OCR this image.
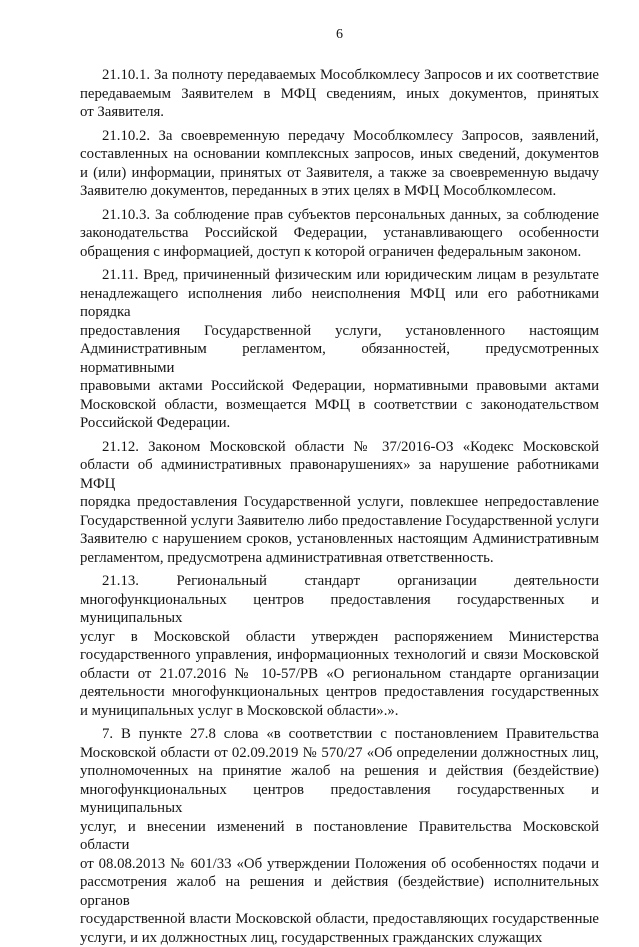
6
21.10.1. За полноту передаваемых Мособлкомлесу Запросов и их соответствие
передаваемым Заявителем в МФЦ сведениям, иных документов, принятых
от Заявителя.
21.10.2. За своевременную передачу Мособлкомлесу Запросов, заявлений,
составленных на основании комплексных запросов, иных сведений, документов
и (или) информации, принятых от Заявителя, а также за своевременную выдачу
Заявителю документов, переданных в этих целях в МФЦ Мособлкомлесом.
21.10.3. За соблюдение прав субъектов персональных данных, за соблюдение
законодательства Российской Федерации, устанавливающего особенности
обращения с информацией, доступ к которой ограничен федеральным законом.
21.11. Вред, причиненный физическим или юридическим лицам в результате
ненадлежащего исполнения либо неисполнения МФЦ или его работниками порядка
предоставления Государственной услуги, установленного настоящим
Административным регламентом, обязанностей, предусмотренных нормативными
правовыми актами Российской Федерации, нормативными правовыми актами
Московской области, возмещается МФЦ в соответствии с законодательством
Российской Федерации.
21.12. Законом Московской области № 37/2016-ОЗ «Кодекс Московской
области об административных правонарушениях» за нарушение работниками МФЦ
порядка предоставления Государственной услуги, повлекшее непредоставление
Государственной услуги Заявителю либо предоставление Государственной услуги
Заявителю с нарушением сроков, установленных настоящим Административным
регламентом, предусмотрена административная ответственность.
21.13. Региональный стандарт организации деятельности
многофункциональных центров предоставления государственных и муниципальных
услуг в Московской области утвержден распоряжением Министерства
государственного управления, информационных технологий и связи Московской
области от 21.07.2016 № 10-57/РВ «О региональном стандарте организации
деятельности многофункциональных центров предоставления государственных
и муниципальных услуг в Московской области».».
7. В пункте 27.8 слова «в соответствии с постановлением Правительства
Московской области от 02.09.2019 № 570/27 «Об определении должностных лиц,
уполномоченных на принятие жалоб на решения и действия (бездействие)
многофункциональных центров предоставления государственных и муниципальных
услуг, и внесении изменений в постановление Правительства Московской области
от 08.08.2013 № 601/33 «Об утверждении Положения об особенностях подачи и
рассмотрения жалоб на решения и действия (бездействие) исполнительных органов
государственной власти Московской области, предоставляющих государственные
услуги, и их должностных лиц, государственных гражданских служащих
